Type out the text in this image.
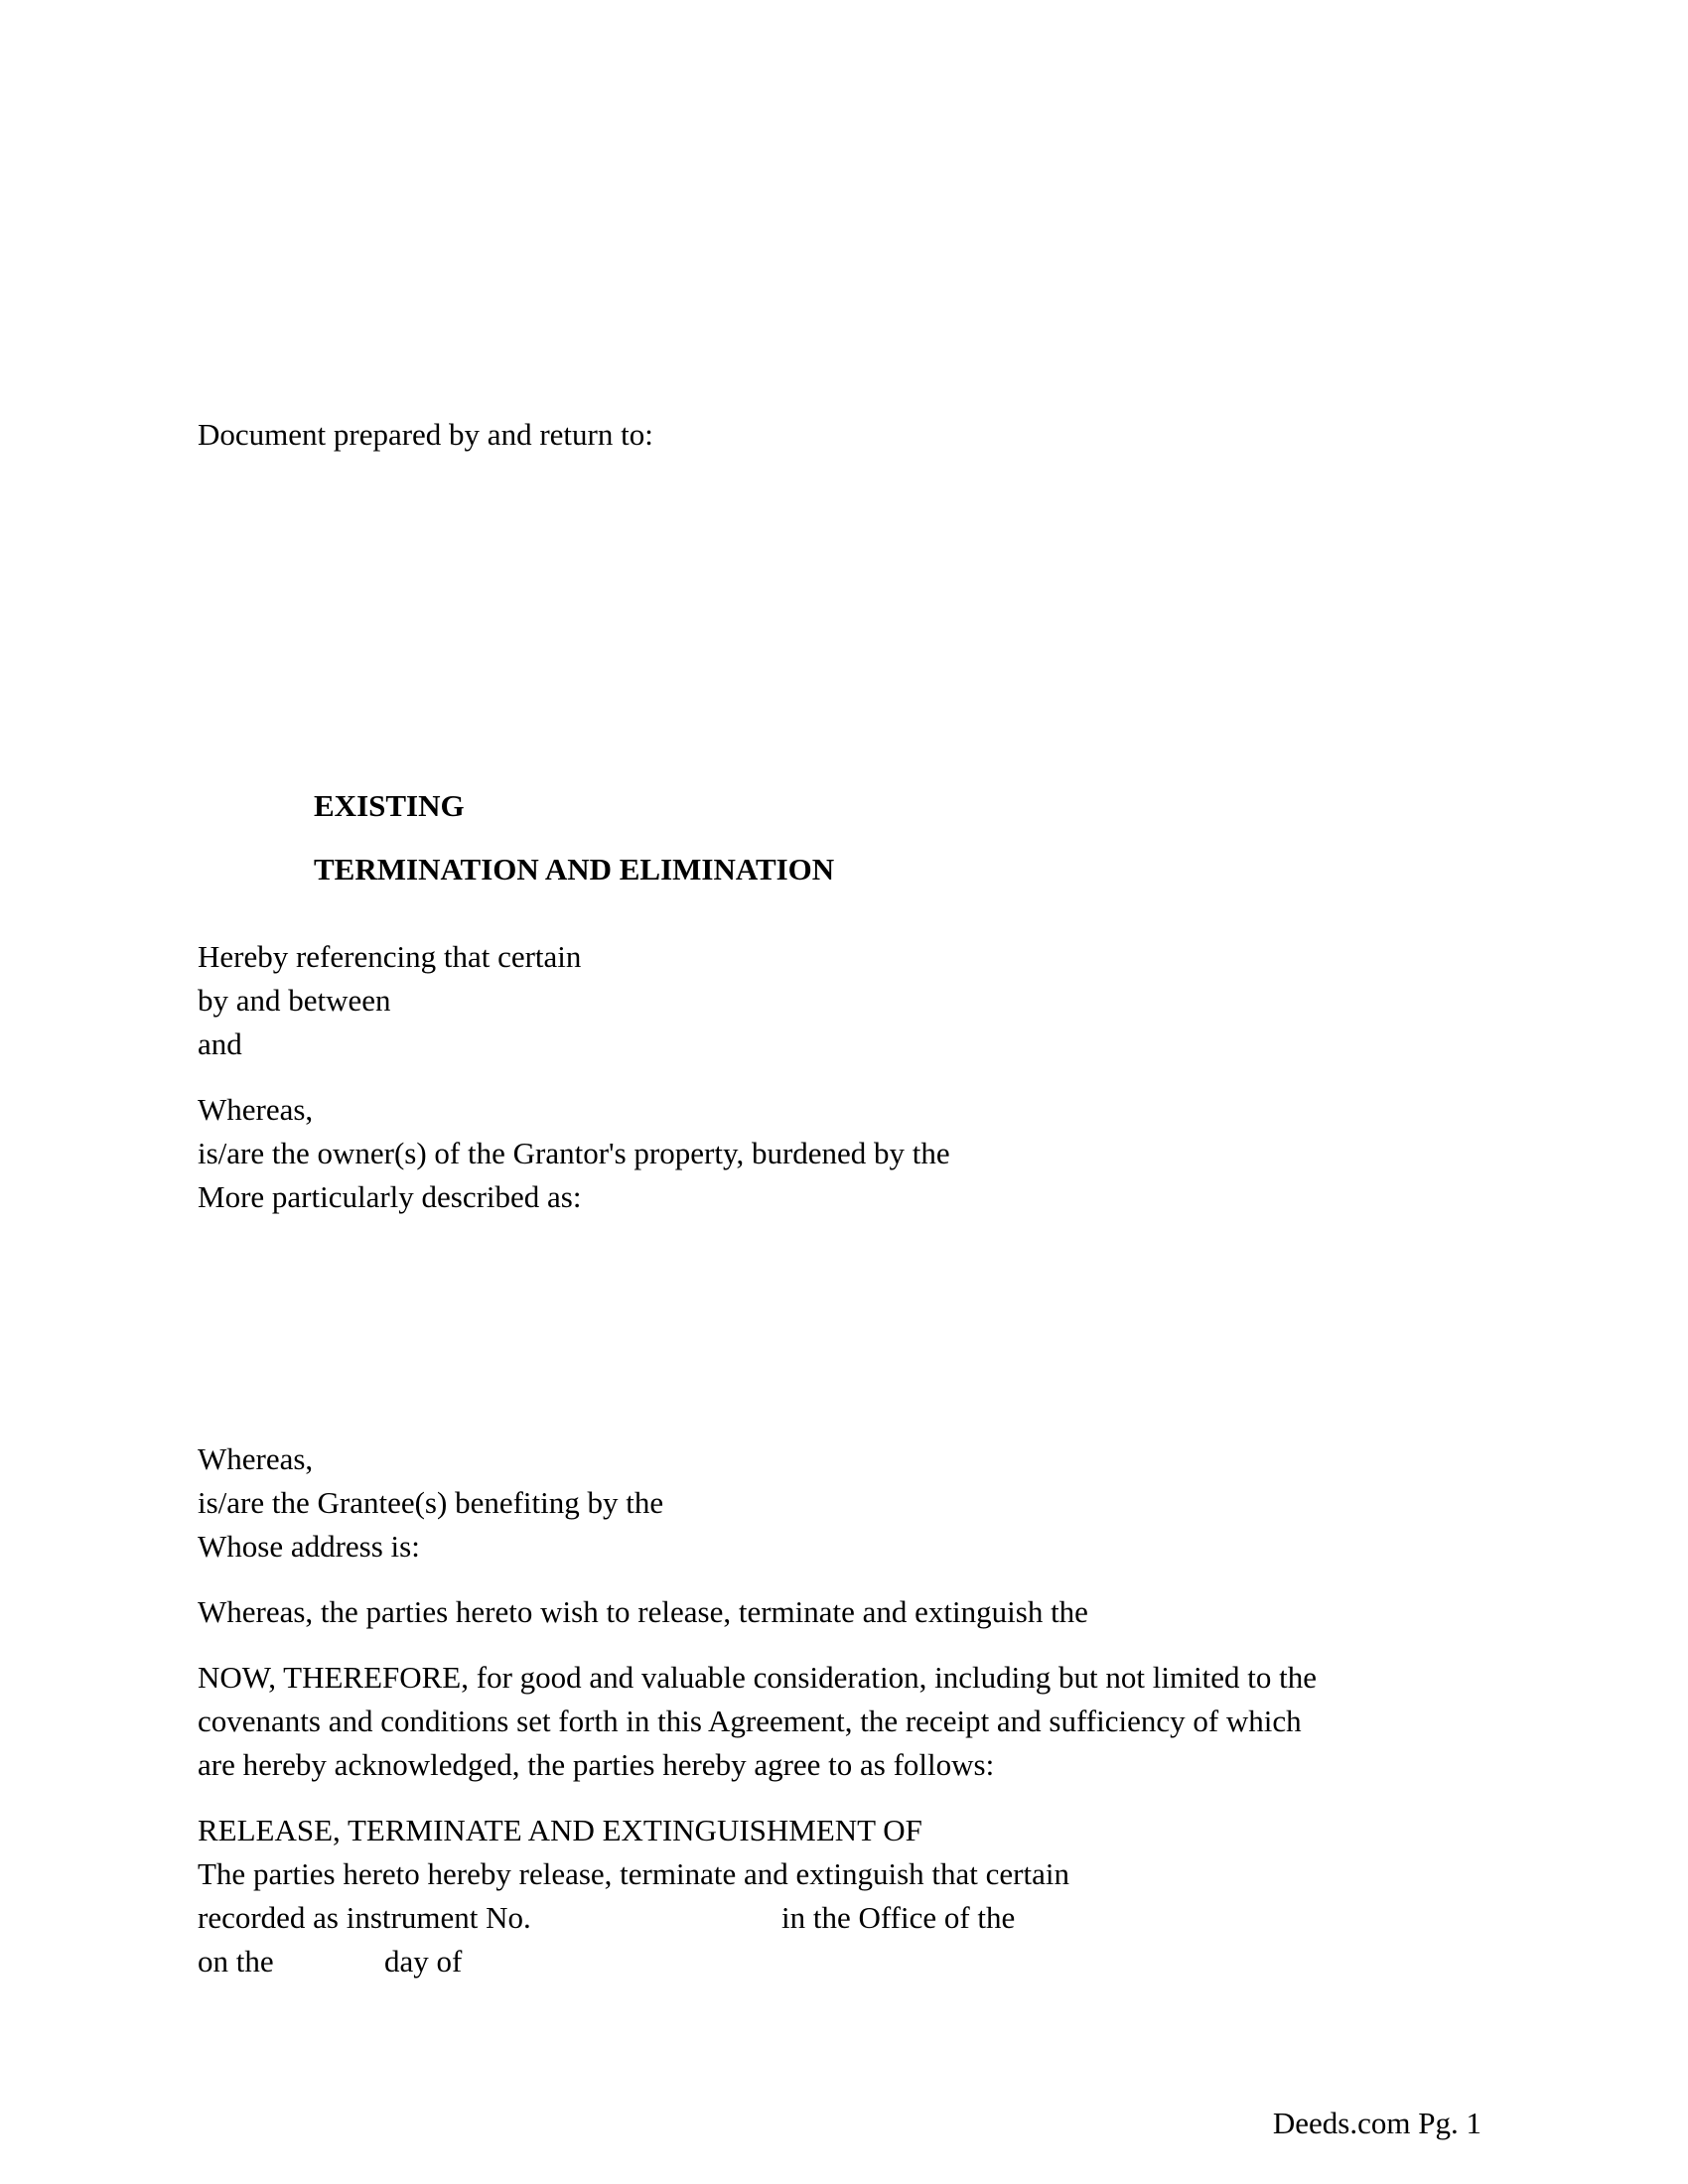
Document prepared by and return to:

EXISTING

TERMINATION AND ELIMINATION

Hereby referencing that certain

by and between

and

Whereas,

is/are the owner(s) of the Grantor's property, burdened by the

More particularly described as:

Whereas,

is/are the Grantee(s) benefiting by the

Whose address is:

Whereas, the parties hereto wish to release, terminate and extinguish the

NOW, THEREFORE, for good and valuable consideration, including but not limited to the

covenants and conditions set forth in this Agreement, the receipt and sufficiency of which

are hereby acknowledged, the parties hereby agree to as follows:

RELEASE, TERMINATE AND EXTINGUISHMENT OF

The parties hereto hereby release, terminate and extinguish that certain

recorded as instrument No.	in the Office of the

on the	day of

Deeds.com Pg. 1
